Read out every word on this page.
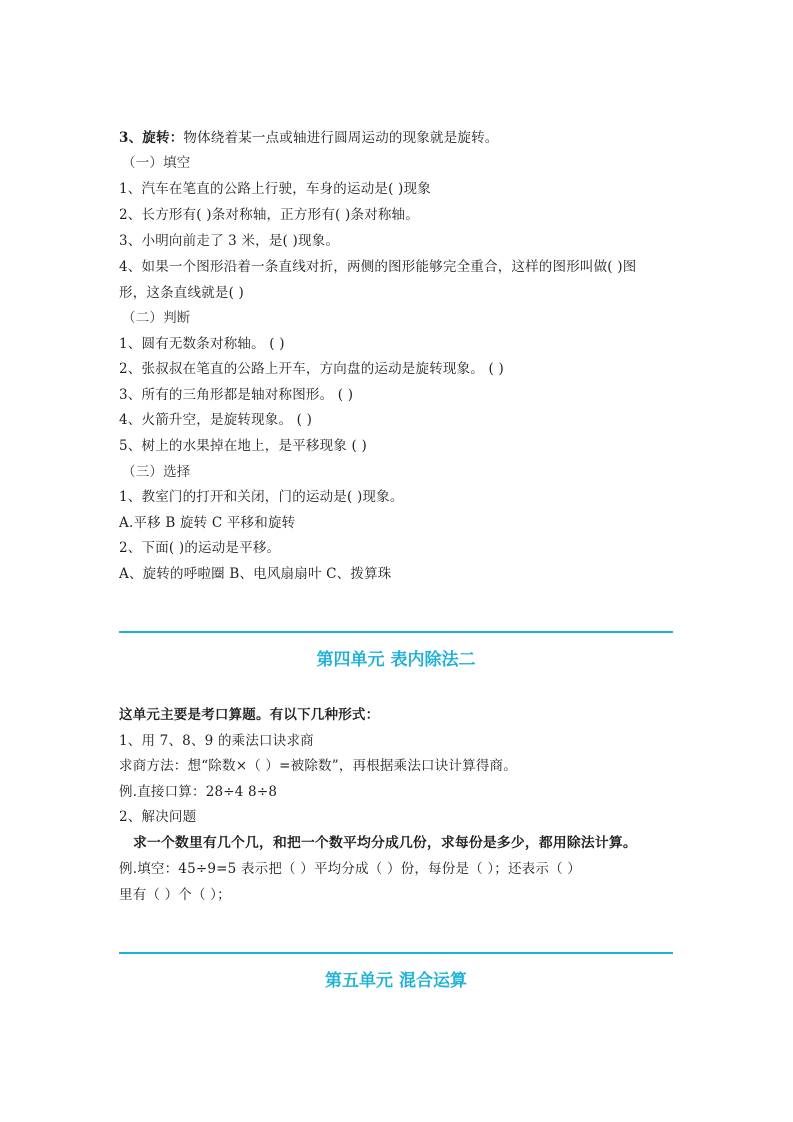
3、旋转：物体绕着某一点或轴进行圆周运动的现象就是旋转。
（一）填空
1、汽车在笔直的公路上行驶，车身的运动是( )现象
2、长方形有( )条对称轴，正方形有( )条对称轴。
3、小明向前走了 3 米，是( )现象。
4、如果一个图形沿着一条直线对折，两侧的图形能够完全重合，这样的图形叫做( )图
形，这条直线就是( )
（二）判断
1、圆有无数条对称轴。 ( )
2、张叔叔在笔直的公路上开车，方向盘的运动是旋转现象。 ( )
3、所有的三角形都是轴对称图形。 ( )
4、火箭升空，是旋转现象。 ( )
5、树上的水果掉在地上，是平移现象 ( )
（三）选择
1、教室门的打开和关闭，门的运动是( )现象。
A.平移 B 旋转 C 平移和旋转
2、下面( )的运动是平移。
A、旋转的呼啦圈 B、电风扇扇叶 C、拨算珠
第四单元 表内除法二
这单元主要是考口算题。有以下几种形式：
1、用 7、8、9 的乘法口诀求商
求商方法：想“除数×（ ）=被除数”，再根据乘法口诀计算得商。
例.直接口算：28÷4 8÷8
2、解决问题
求一个数里有几个几，和把一个数平均分成几份，求每份是多少，都用除法计算。
例.填空：45÷9=5 表示把（ ）平均分成（ ）份，每份是（ ）；还表示（ ）
里有（ ）个（ ）；
第五单元 混合运算
